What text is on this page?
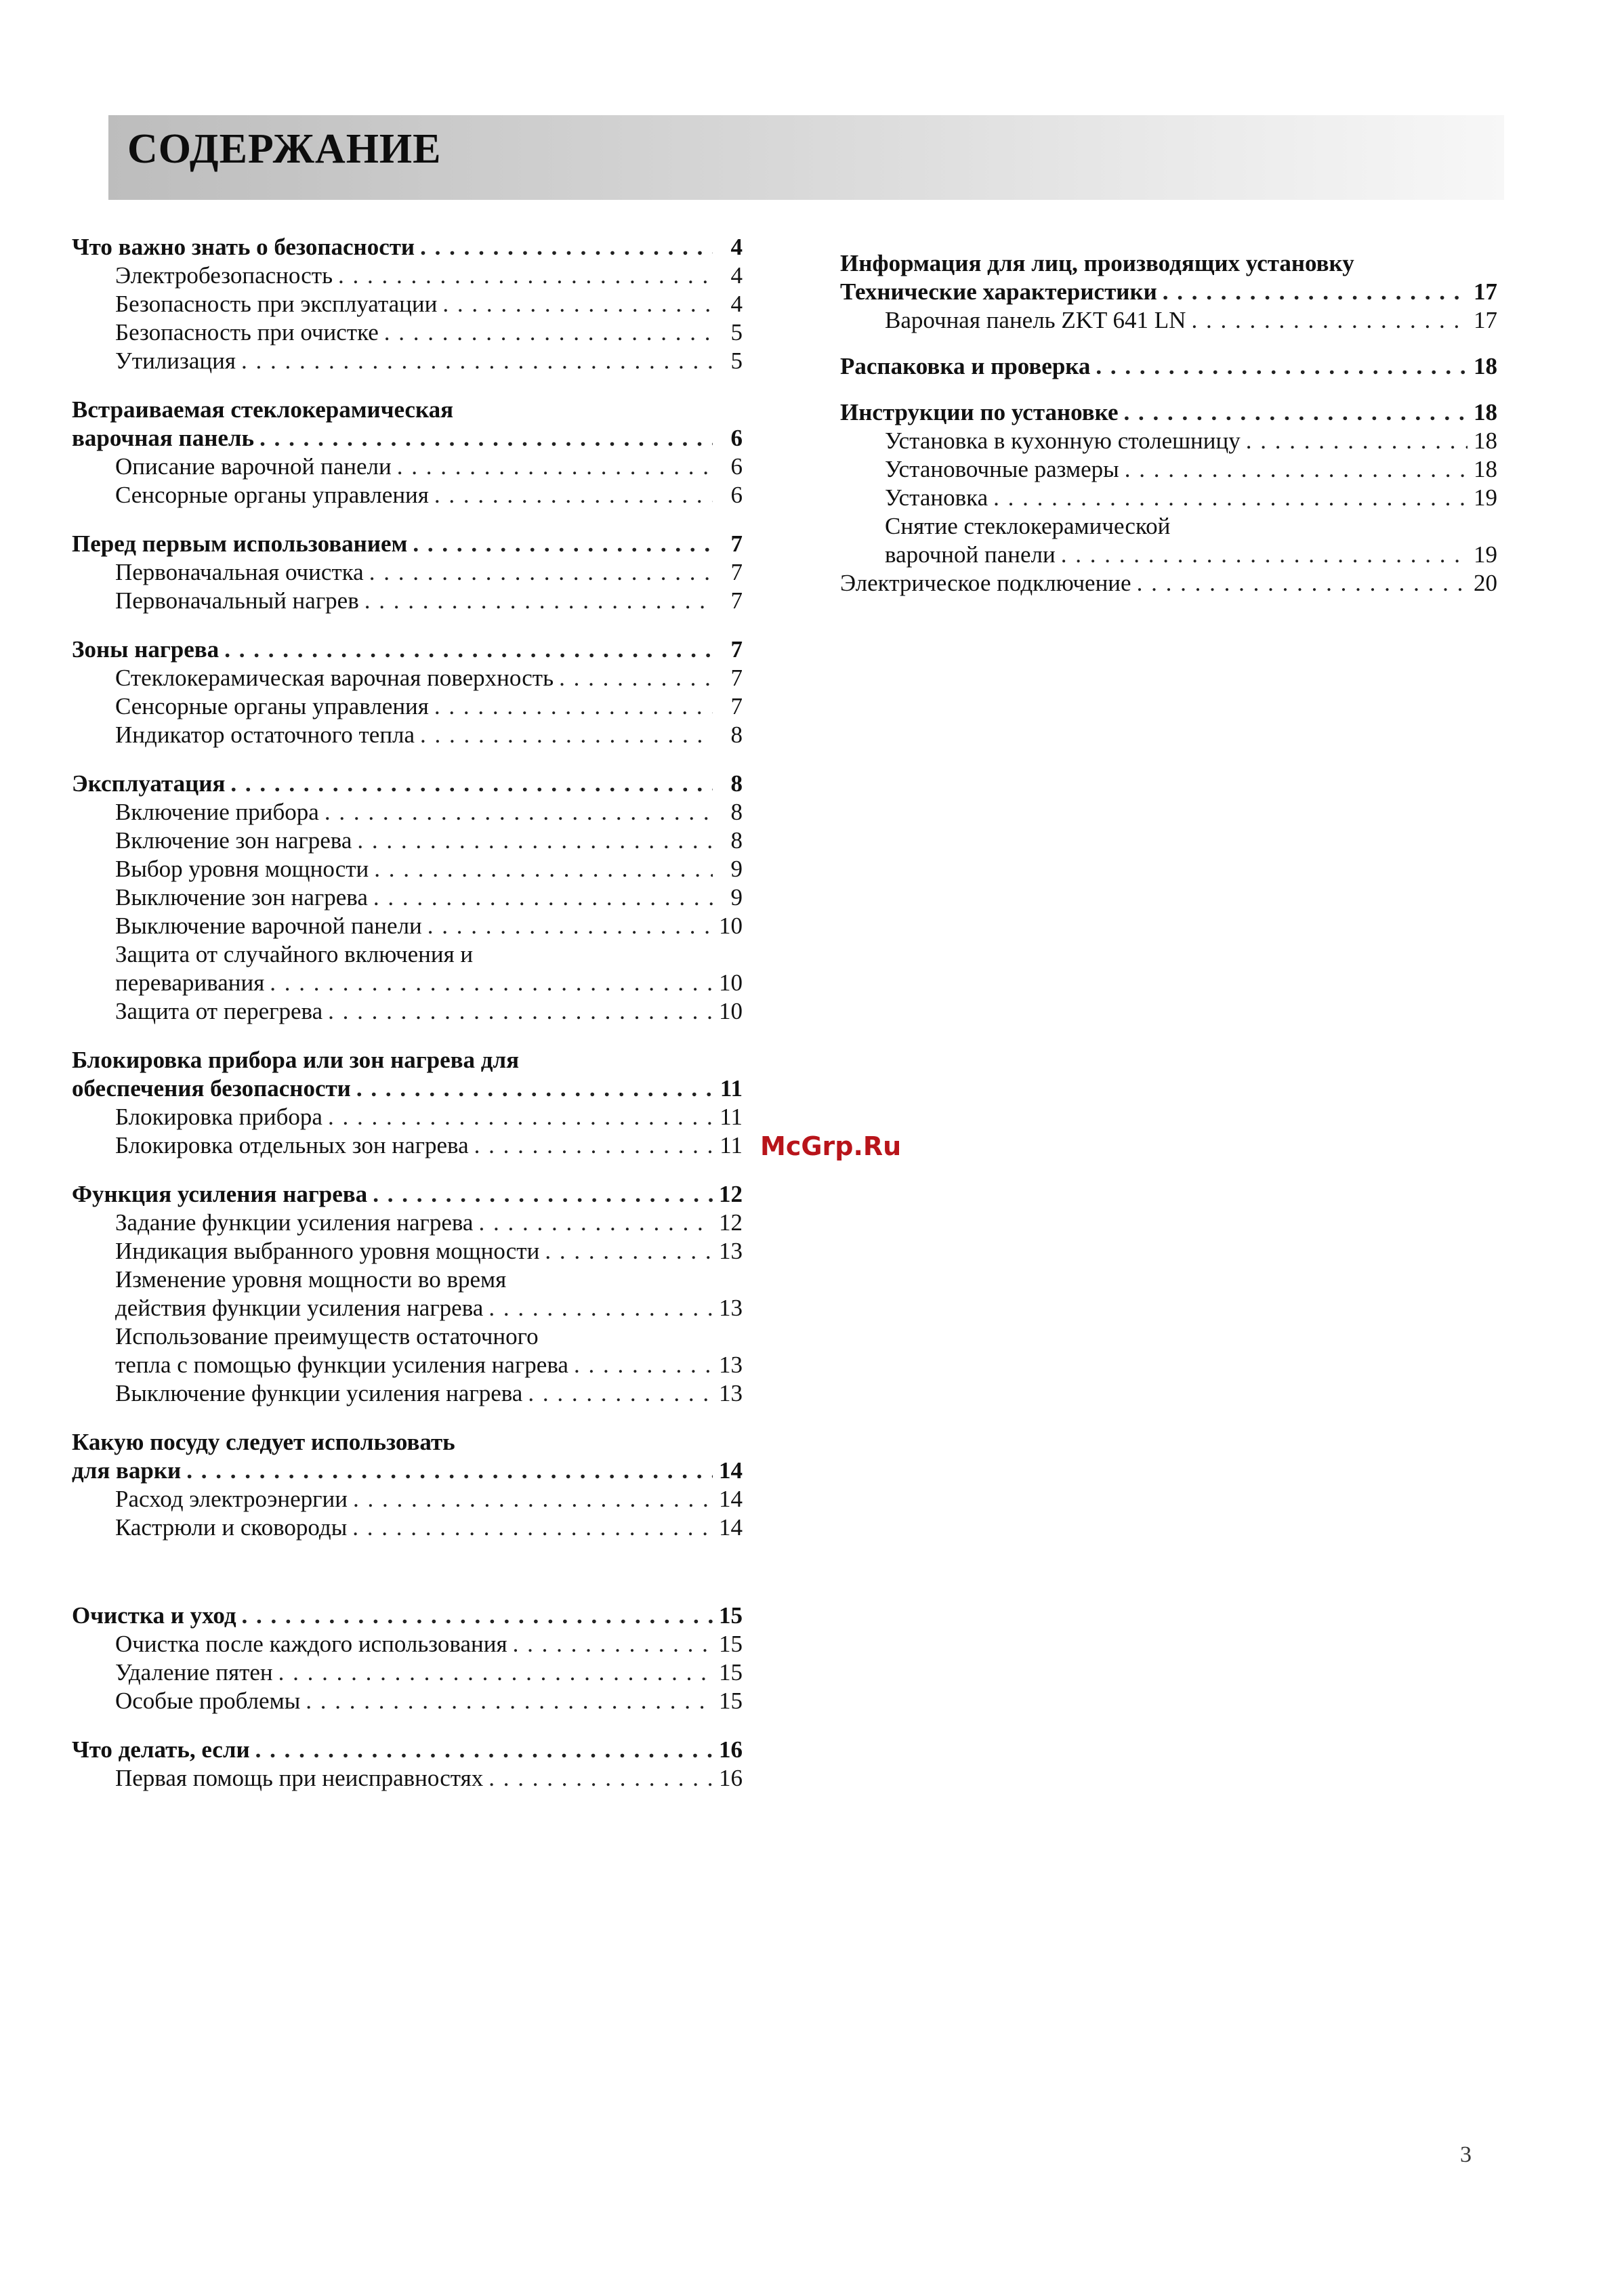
СОДЕРЖАНИЕ
Что важно знать о безопасности . . .	4
Электробезопасность . . .	4
Безопасность при эксплуатации . . .	4
Безопасность при очистке . . .	5
Утилизация . . .	5
Встраиваемая стеклокерамическая
варочная панель . . .	6
Описание варочной панели . . .	6
Сенсорные органы управления . . .	6
Перед первым использованием . . .	7
Первоначальная очистка . . .	7
Первоначальный нагрев . . .	7
Зоны нагрева . . .	7
Стеклокерамическая варочная поверхность . . .	7
Сенсорные органы управления . . .	7
Индикатор остаточного тепла . . .	8
Эксплуатация . . .	8
Включение прибора . . .	8
Включение зон нагрева . . .	8
Выбор уровня мощности . . .	9
Выключение зон нагрева . . .	9
Выключение варочной панели . . .	10
Защита от случайного включения и
переваривания . . .	10
Защита от перегрева . . .	10
Блокировка прибора или зон нагрева для
обеспечения безопасности . . .	11
Блокировка прибора . . .	11
Блокировка отдельных зон нагрева . . .	11
Функция усиления нагрева . . .	12
Задание функции усиления нагрева . . .	12
Индикация выбранного уровня мощности . . .	13
Изменение уровня мощности во время
действия функции усиления нагрева . . .	13
Использование преимуществ остаточного
тепла с помощью функции усиления нагрева . . .	13
Выключение функции усиления нагрева . . .	13
Какую посуду следует использовать
для варки . . .	14
Расход электроэнергии . . .	14
Кастрюли и сковороды . . .	14
Очистка и уход . . .	15
Очистка после каждого использования . . .	15
Удаление пятен . . .	15
Особые проблемы . . .	15
Что делать, если . . .	16
Первая помощь при неисправностях . . .	16
Информация для лиц, производящих установку
Технические характеристики . . .	17
Варочная панель ZKT 641 LN . . .	17
Распаковка и проверка . . .	18
Инструкции по установке . . .	18
Установка в кухонную столешницу . . .	18
Установочные размеры . . .	18
Установка . . .	19
Снятие стеклокерамической
варочной панели . . .	19
Электрическое подключение . . .	20
McGrp.Ru
3
